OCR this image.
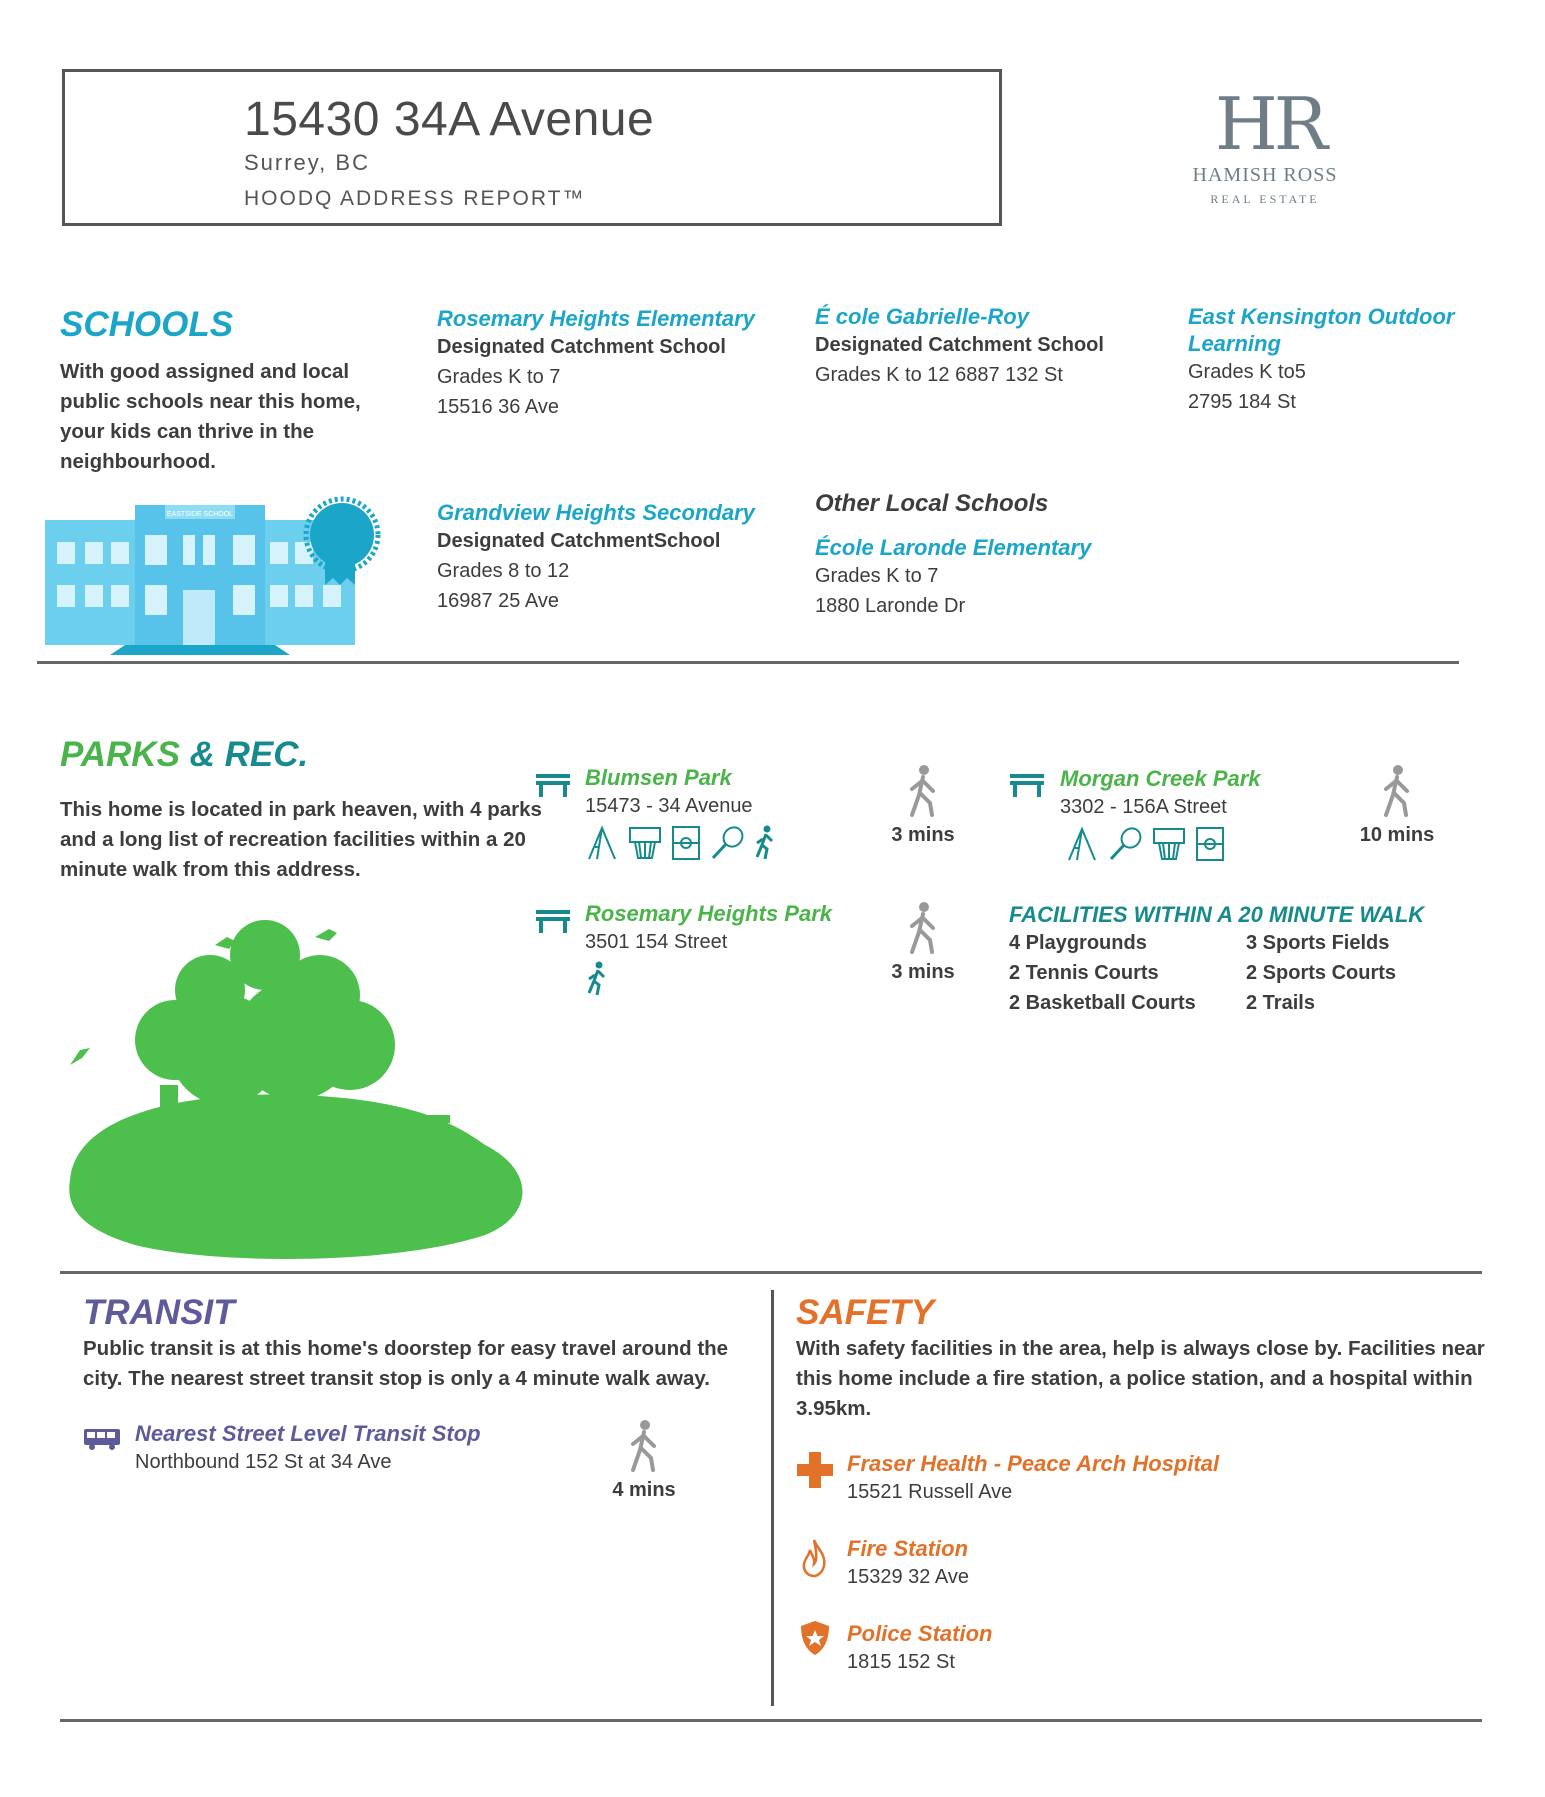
15430 34A Avenue
Surrey, BC
HOODQ ADDRESS REPORT™
HR
HAMISH ROSS
REAL ESTATE
SCHOOLS
With good assigned and local public schools near this home, your kids can thrive in the neighbourhood.
EASTSIDE SCHOOL
Rosemary Heights Elementary
Designated Catchment School
Grades K to 7
15516 36 Ave
É cole Gabrielle-Roy
Designated Catchment School
Grades K to 12 6887 132 St
East Kensington Outdoor Learning
Grades K to5
2795 184 St
Grandview Heights Secondary
Designated CatchmentSchool
Grades 8 to 12
16987 25 Ave
Other Local Schools
École Laronde Elementary
Grades K to 7
1880 Laronde Dr
PARKS & REC.
This home is located in park heaven, with 4 parks and a long list of recreation facilities within a 20 minute walk from this address.
Blumsen Park
15473 - 34 Avenue
3 mins
Morgan Creek Park
3302 - 156A Street
10 mins
Rosemary Heights Park
3501 154 Street
3 mins
FACILITIES WITHIN A 20 MINUTE WALK
4 Playgrounds
2 Tennis Courts
2 Basketball Courts
3 Sports Fields
2 Sports Courts
2 Trails
TRANSIT
Public transit is at this home's doorstep for easy travel around the city. The nearest street transit stop is only a 4 minute walk away.
Nearest Street Level Transit Stop
Northbound 152 St at 34 Ave
4 mins
SAFETY
With safety facilities in the area, help is always close by. Facilities near this home include a fire station, a police station, and a hospital within 3.95km.
Fraser Health - Peace Arch Hospital
15521 Russell Ave
Fire Station
15329 32 Ave
Police Station
1815 152 St
